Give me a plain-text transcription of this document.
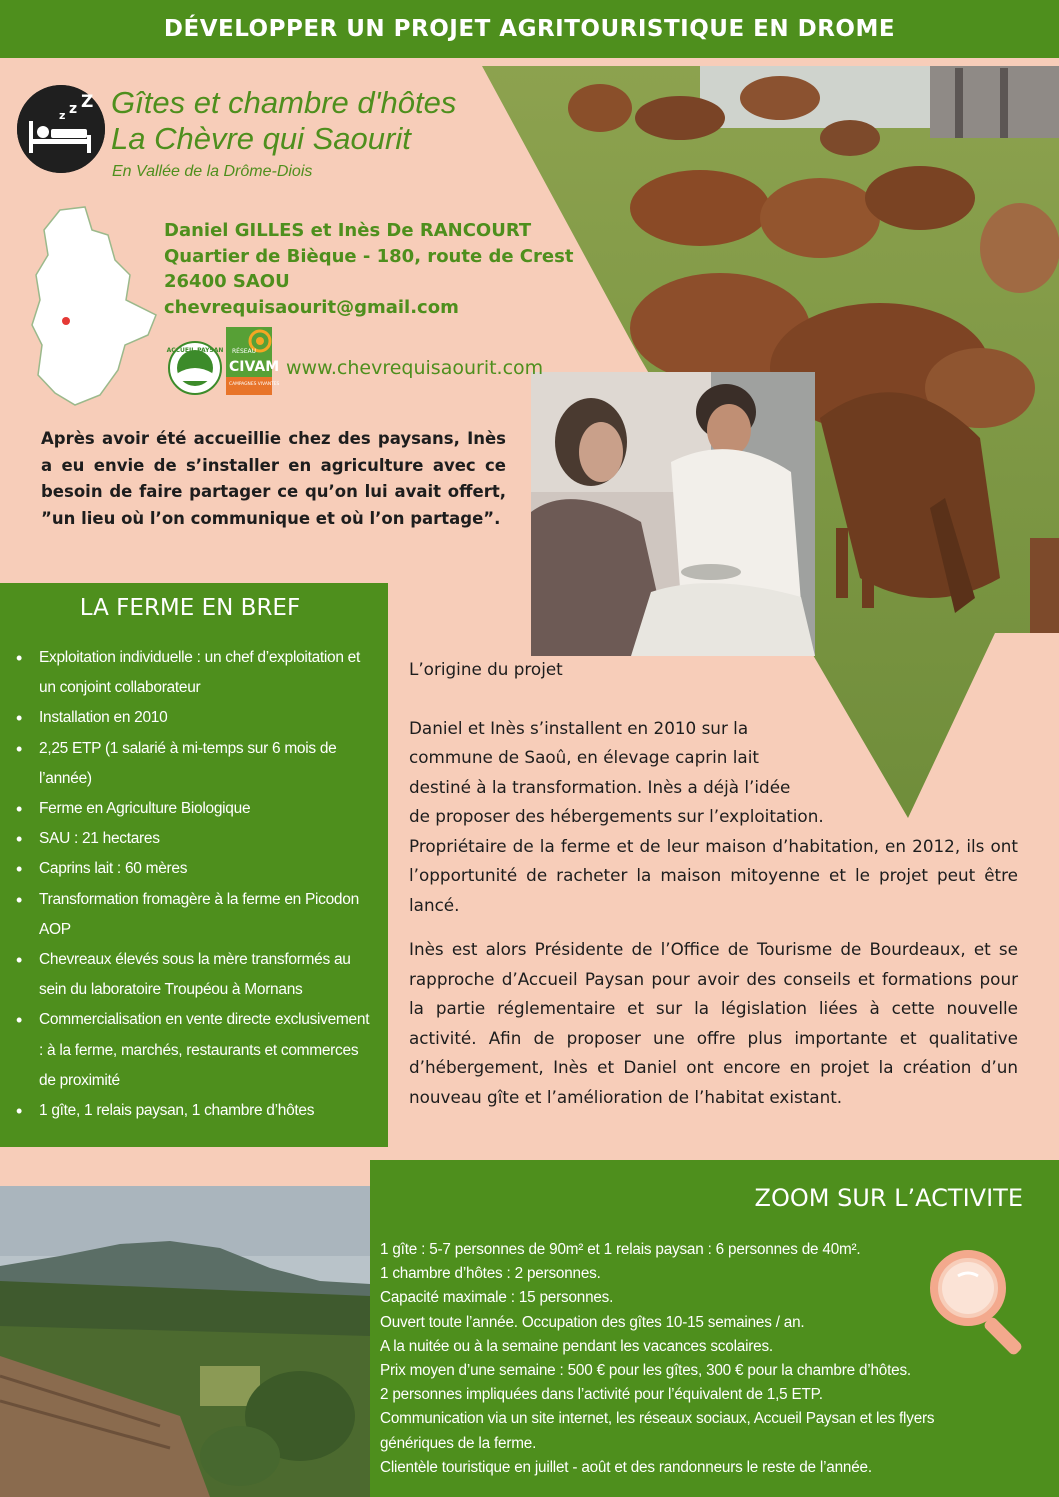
DÉVELOPPER UN PROJET AGRITOURISTIQUE EN DROME
z z Z Gîtes et chambre d'hôtes
La Chèvre qui Saourit
En Vallée de la Drôme-Diois
Daniel GILLES et Inès De RANCOURT
Quartier de Bièque - 180, route de Crest
26400 SAOU
chevrequisaourit@gmail.com
ACCUEIL PAYSAN RÉSEAU
CIVAM
CAMPAGNES VIVANTES
www.chevrequisaourit.com
Après avoir été accueillie chez des paysans, Inès a eu envie de s’installer en agriculture avec ce besoin de faire partager ce qu’on lui avait offert, ”un lieu où l’on communique et où l’on partage”.
LA FERME EN BREF
• Exploitation individuelle : un chef d’exploitation et un conjoint collaborateur
• Installation en 2010
• 2,25 ETP (1 salarié à mi-temps sur 6 mois de l’année)
• Ferme en Agriculture Biologique
• SAU : 21 hectares
• Caprins lait : 60 mères
• Transformation fromagère à la ferme en Picodon AOP
• Chevreaux élevés sous la mère transformés au sein du laboratoire Troupéou à Mornans
• Commercialisation en vente directe exclusivement : à la ferme, marchés, restaurants et commerces de proximité
• 1 gîte, 1 relais paysan, 1 chambre d’hôtes

L’origine du projet

Daniel et Inès s’installent en 2010 sur la

commune de Saoû, en élevage caprin lait

destiné à la transformation. Inès a déjà l’idée

de proposer des hébergements sur l’exploitation.

Propriétaire de la ferme et de leur maison d’habitation, en 2012, ils ont l’opportunité de racheter la maison mitoyenne et le projet peut être lancé.

Inès est alors Présidente de l’Office de Tourisme de Bourdeaux, et se rapproche d’Accueil Paysan pour avoir des conseils et formations pour la partie réglementaire et sur la législation liées à cette nouvelle activité. Afin de proposer une offre plus importante et qualitative d’hébergement, Inès et Daniel ont encore en projet la création d’un nouveau gîte et l’amélioration de l’habitat existant.

ZOOM SUR L’ACTIVITE
1 gîte : 5-7 personnes de 90m² et 1 relais paysan : 6 personnes de 40m².
1 chambre d’hôtes : 2 personnes.
Capacité maximale : 15 personnes.
Ouvert toute l’année. Occupation des gîtes 10-15 semaines / an.
A la nuitée ou à la semaine pendant les vacances scolaires.
Prix moyen d’une semaine : 500 € pour les gîtes, 300 € pour la chambre d’hôtes.
2 personnes impliquées dans l’activité pour l’équivalent de 1,5 ETP.
Communication via un site internet, les réseaux sociaux, Accueil Paysan et les flyers
génériques de la ferme.
Clientèle touristique en juillet - août et des randonneurs le reste de l’année.
